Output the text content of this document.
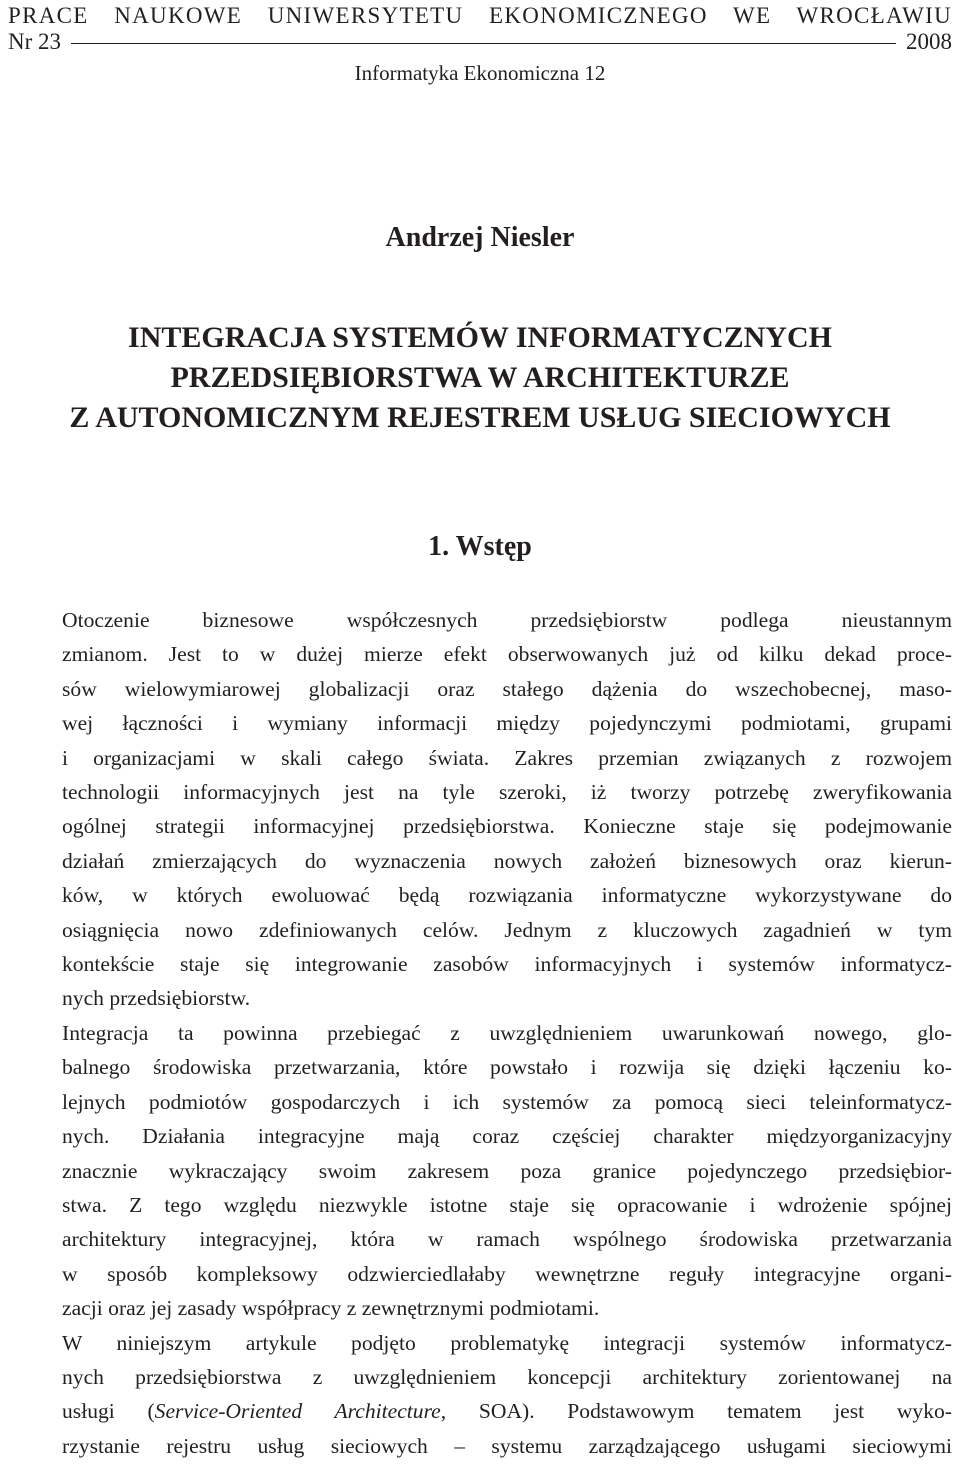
PRACE NAUKOWE UNIWERSYTETU EKONOMICZNEGO WE WROCŁAWIU
Nr 23	2008
Informatyka Ekonomiczna 12
Andrzej Niesler
INTEGRACJA SYSTEMÓW INFORMATYCZNYCH
PRZEDSIĘBIORSTWA W ARCHITEKTURZE
Z AUTONOMICZNYM REJESTREM USŁUG SIECIOWYCH
1. Wstęp
Otoczenie biznesowe współczesnych przedsiębiorstw podlega nieustannym
zmianom. Jest to w dużej mierze efekt obserwowanych już od kilku dekad proce-
sów wielowymiarowej globalizacji oraz stałego dążenia do wszechobecnej, maso-
wej łączności i wymiany informacji między pojedynczymi podmiotami, grupami
i organizacjami w skali całego świata. Zakres przemian związanych z rozwojem
technologii informacyjnych jest na tyle szeroki, iż tworzy potrzebę zweryfikowania
ogólnej strategii informacyjnej przedsiębiorstwa. Konieczne staje się podejmowanie
działań zmierzających do wyznaczenia nowych założeń biznesowych oraz kierun-
ków, w których ewoluować będą rozwiązania informatyczne wykorzystywane do
osiągnięcia nowo zdefiniowanych celów. Jednym z kluczowych zagadnień w tym
kontekście staje się integrowanie zasobów informacyjnych i systemów informatycz-
nych przedsiębiorstw.
Integracja ta powinna przebiegać z uwzględnieniem uwarunkowań nowego, glo-
balnego środowiska przetwarzania, które powstało i rozwija się dzięki łączeniu ko-
lejnych podmiotów gospodarczych i ich systemów za pomocą sieci teleinformatycz-
nych. Działania integracyjne mają coraz częściej charakter międzyorganizacyjny
znacznie wykraczający swoim zakresem poza granice pojedynczego przedsiębior-
stwa. Z tego względu niezwykle istotne staje się opracowanie i wdrożenie spójnej
architektury integracyjnej, która w ramach wspólnego środowiska przetwarzania
w sposób kompleksowy odzwierciedlałaby wewnętrzne reguły integracyjne organi-
zacji oraz jej zasady współpracy z zewnętrznymi podmiotami.
W niniejszym artykule podjęto problematykę integracji systemów informatycz-
nych przedsiębiorstwa z uwzględnieniem koncepcji architektury zorientowanej na
usługi (Service-Oriented Architecture, SOA). Podstawowym tematem jest wyko-
rzystanie rejestru usług sieciowych – systemu zarządzającego usługami sieciowymi
